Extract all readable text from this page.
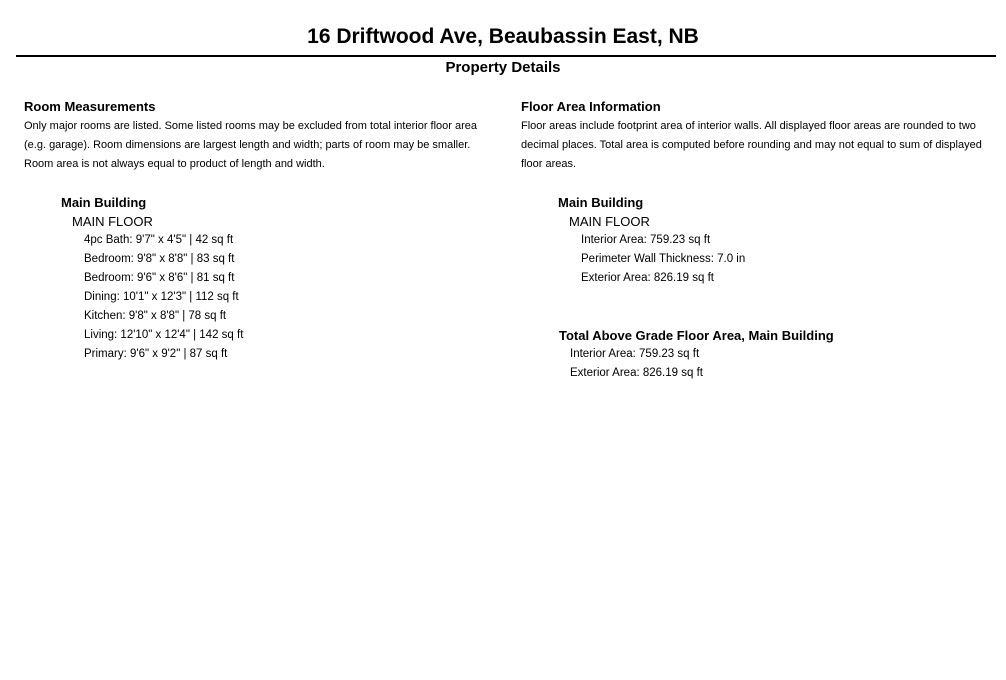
16 Driftwood Ave, Beaubassin East, NB
Property Details
Room Measurements
Only major rooms are listed. Some listed rooms may be excluded from total interior floor area
(e.g. garage). Room dimensions are largest length and width; parts of room may be smaller.
Room area is not always equal to product of length and width.
Main Building
MAIN FLOOR
4pc Bath: 9'7" x 4'5" | 42 sq ft
Bedroom: 9'8" x 8'8" | 83 sq ft
Bedroom: 9'6" x 8'6" | 81 sq ft
Dining: 10'1" x 12'3" | 112 sq ft
Kitchen: 9'8" x 8'8" | 78 sq ft
Living: 12'10" x 12'4" | 142 sq ft
Primary: 9'6" x 9'2" | 87 sq ft
Floor Area Information
Floor areas include footprint area of interior walls. All displayed floor areas are rounded to two
decimal places. Total area is computed before rounding and may not equal to sum of displayed
floor areas.
Main Building
MAIN FLOOR
Interior Area: 759.23 sq ft
Perimeter Wall Thickness: 7.0 in
Exterior Area: 826.19 sq ft
Total Above Grade Floor Area, Main Building
Interior Area: 759.23 sq ft
Exterior Area: 826.19 sq ft
